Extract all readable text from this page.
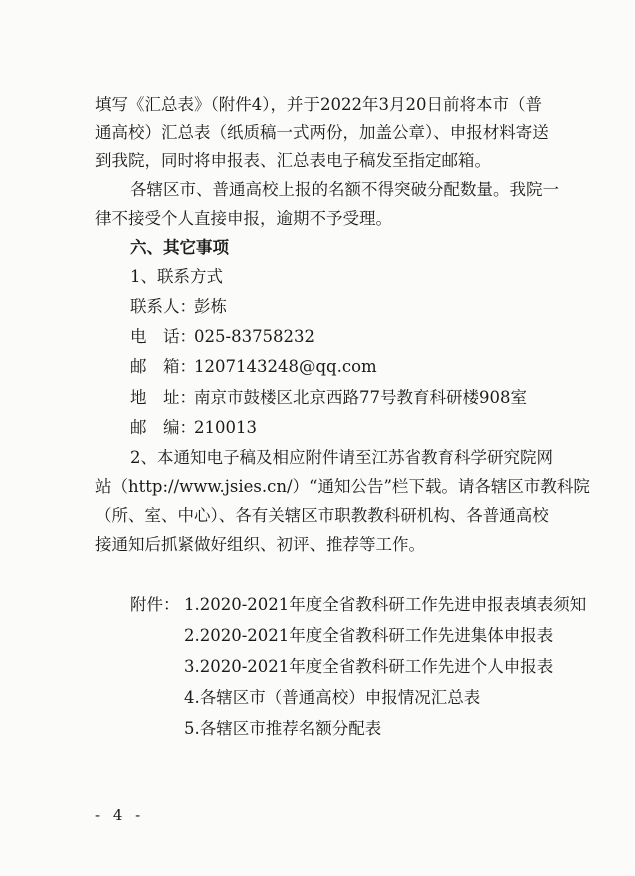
填写《汇总表》（附件4），并于2022年3月20日前将本市（普
通高校）汇总表（纸质稿一式两份，加盖公章）、申报材料寄送
到我院，同时将申报表、汇总表电子稿发至指定邮箱。
各辖区市、普通高校上报的名额不得突破分配数量。我院一
律不接受个人直接申报，逾期不予受理。
六、其它事项
1、联系方式
联系人：彭栋
电　话：025-83758232
邮　箱：1207143248@qq.com
地　址：南京市鼓楼区北京西路77号教育科研楼908室
邮　编：210013
2、本通知电子稿及相应附件请至江苏省教育科学研究院网
站（http://www.jsies.cn/）“通知公告”栏下载。请各辖区市教科院
（所、室、中心）、各有关辖区市职教教科研机构、各普通高校
接通知后抓紧做好组织、初评、推荐等工作。
附件： 1.2020-2021年度全省教科研工作先进申报表填表须知
2.2020-2021年度全省教科研工作先进集体申报表
3.2020-2021年度全省教科研工作先进个人申报表
4.各辖区市（普通高校）申报情况汇总表
5.各辖区市推荐名额分配表
- 4 -
